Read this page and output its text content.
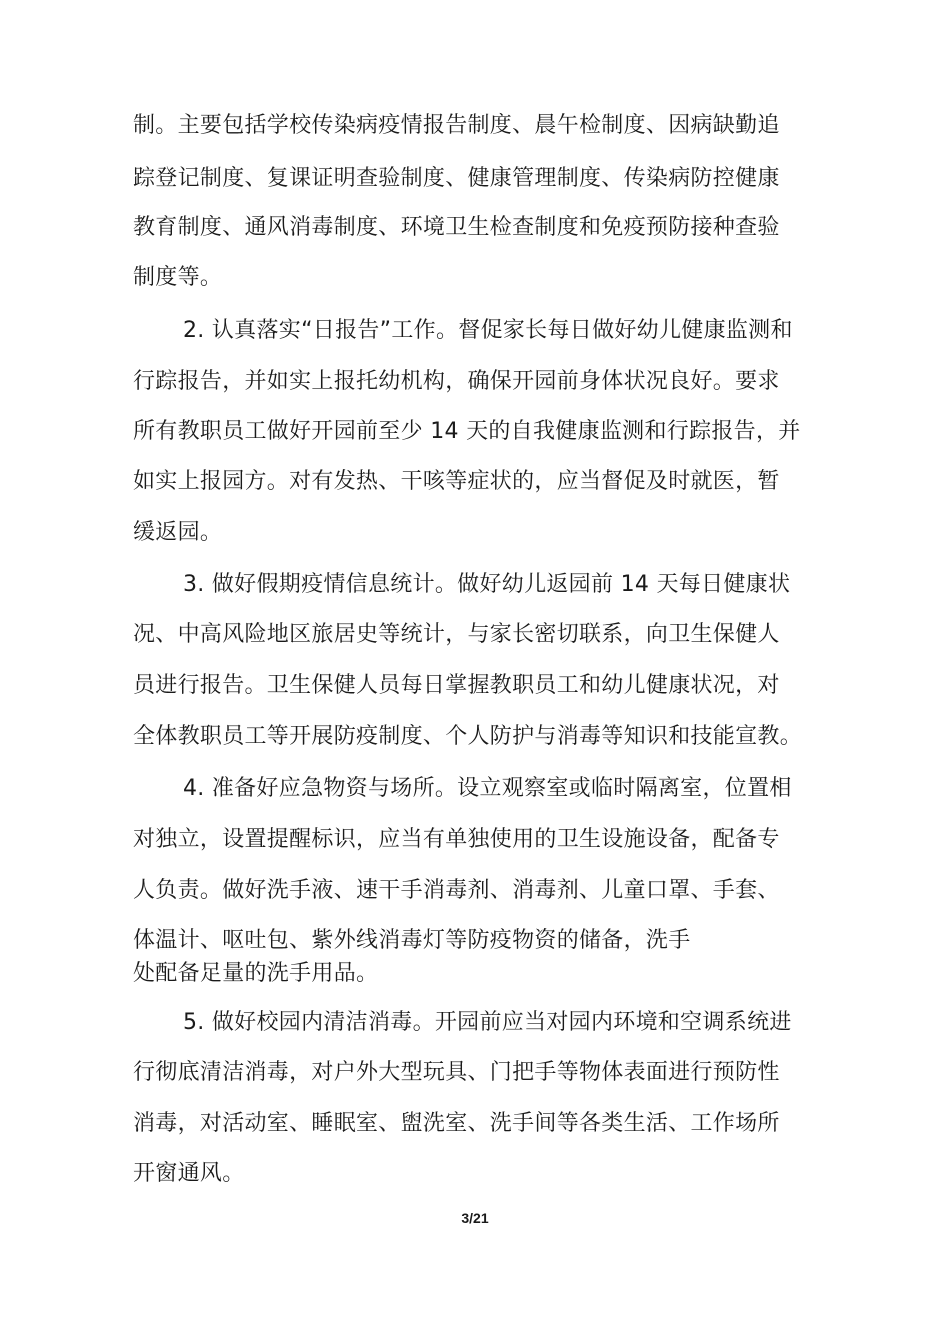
制。主要包括学校传染病疫情报告制度、晨午检制度、因病缺勤追
踪登记制度、复课证明查验制度、健康管理制度、传染病防控健康
教育制度、通风消毒制度、环境卫生检查制度和免疫预防接种查验
制度等。
2. 认真落实“日报告”工作。督促家长每日做好幼儿健康监测和
行踪报告，并如实上报托幼机构，确保开园前身体状况良好。要求
所有教职员工做好开园前至少 14 天的自我健康监测和行踪报告，并
如实上报园方。对有发热、干咳等症状的，应当督促及时就医，暂
缓返园。
3. 做好假期疫情信息统计。做好幼儿返园前 14 天每日健康状
况、中高风险地区旅居史等统计，与家长密切联系，向卫生保健人
员进行报告。卫生保健人员每日掌握教职员工和幼儿健康状况，对
全体教职员工等开展防疫制度、个人防护与消毒等知识和技能宣教。
4. 准备好应急物资与场所。设立观察室或临时隔离室，位置相
对独立，设置提醒标识，应当有单独使用的卫生设施设备，配备专
人负责。做好洗手液、速干手消毒剂、消毒剂、儿童口罩、手套、
体温计、呕吐包、紫外线消毒灯等防疫物资的储备，洗手
处配备足量的洗手用品。
5. 做好校园内清洁消毒。开园前应当对园内环境和空调系统进
行彻底清洁消毒，对户外大型玩具、门把手等物体表面进行预防性
消毒，对活动室、睡眠室、盥洗室、洗手间等各类生活、工作场所
开窗通风。
3/21
